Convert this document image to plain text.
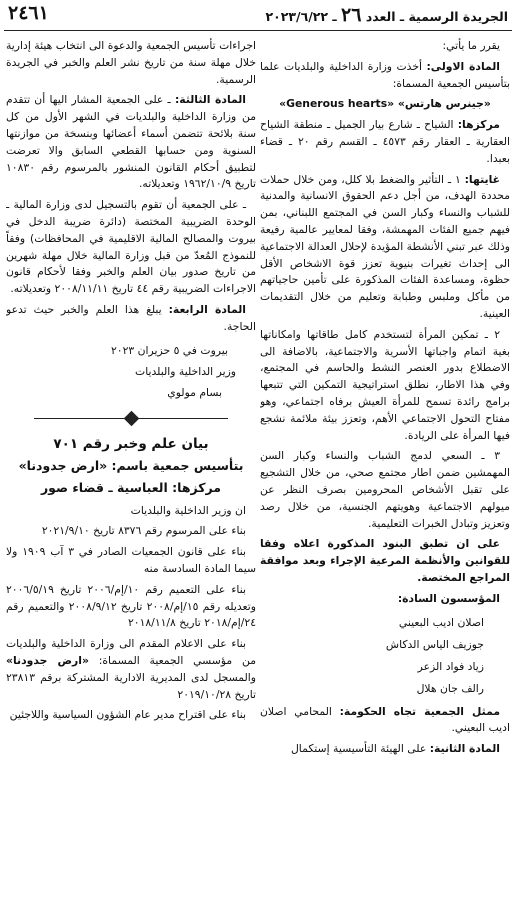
٢٤٦١	الجريدة الرسمية ـ العدد ٢٦ ـ ٢٠٢٣/٦/٢٢

يقرر ما يأتي:

المادة الاولى: أخذت وزارة الداخلية والبلديات علما بتأسيس الجمعية المسماة:

«جينرس هارتس» «Generous hearts»

مركزها: الشياح ـ شارع بيار الجميل ـ منطقة الشياح العقارية ـ العقار رقم ٤٥٧٣ ـ القسم رقم ٢٠ ـ قضاء بعبدا.

غايتها: ١ ـ التأثير والضغط بلا كلل، ومن خلال حملات محددة الهدف، من أجل دعم الحقوق الانسانية والمدنية للشباب والنساء وكبار السن في المجتمع اللبناني، بمن فيهم جميع الفئات المهمشة، وفقا لمعايير عالمية رفيعة وذلك عبر تبني الأنشطة المؤيدة لإحلال العدالة الاجتماعية الى إحداث تغيرات بنيوية تعزز قوة الاشخاص الأقل حظوة، ومساعدة الفئات المذكورة على تأمين حاجياتهم من مأكل وملبس وطبابة وتعليم من خلال التقديمات العينية.

٢ ـ تمكين المرأة لتستخدم كامل طاقاتها وامكاناتها بغية اتمام واجباتها الأسرية والاجتماعية، بالاضافة الى الاضطلاع بدور العنصر النشط والحاسم في المجتمع، وفي هذا الاطار، نطلق استراتيجية التمكين التي تتبعها برامج رائدة تسمح للمرأة العيش برفاه اجتماعي، وهو مفتاح التحول الاجتماعي الأهم، وتعزز بيئة ملائمة نشجع فيها المرأة على الريادة.

٣ ـ السعي لدمج الشباب والنساء وكبار السن المهمشين ضمن اطار مجتمع صحي، من خلال التشجيع على تقبل الأشخاص المحرومين بصرف النظر عن ميولهم الاجتماعية وهويتهم الجنسية، من خلال رصد وتعزيز وتبادل الخبرات التعليمية.

على ان تطبق البنود المذكورة اعلاه وفقا للقوانين والأنظمة المرعية الإجراء وبعد موافقة المراجع المختصة.

المؤسسون السادة:

اصلان اديب البعيني
جوزيف الياس الدكاش
زياد فواد الزعر
رالف جان هلال

ممثل الجمعية تجاه الحكومة: المحامي اصلان اديب البعيني.

المادة الثانية: على الهيئة التأسيسية إستكمال

اجراءات تأسيس الجمعية والدعوة الى انتخاب هيئة إدارية خلال مهلة سنة من تاريخ نشر العلم والخبر في الجريدة الرسمية.

المادة الثالثة: ـ على الجمعية المشار اليها أن تتقدم من وزارة الداخلية والبلديات في الشهر الأول من كل سنة بلائحة تتضمن أسماء أعضائها وبنسخة من موازنتها السنوية ومن حسابها القطعي السابق والا تعرضت لتطبيق أحكام القانون المنشور بالمرسوم رقم ١٠٨٣٠ تاريخ ١٩٦٢/١٠/٩ وتعديلاته.

ـ على الجمعية أن تقوم بالتسجيل لدى وزارة المالية ـ الوحدة الضريبية المختصة (دائرة ضريبة الدخل في بيروت والمصالح المالية الاقليمية في المحافظات) وفقاً للنموذج المُعدّ من قبل وزارة المالية خلال مهلة شهرين من تاريخ صدور بيان العلم والخبر وفقا لأحكام قانون الاجراءات الضريبية رقم ٤٤ تاريخ ٢٠٠٨/١١/١١ وتعديلاته.

المادة الرابعة: يبلغ هذا العلم والخبر حيث تدعو الحاجة.

بيروت في ٥ حزيران ٢٠٢٣

وزير الداخلية والبلديات

بسام مولوي

بيان علم وخبر رقم ٧٠١
بتأسيس جمعية باسم: «ارض جدودنا»
مركزها: العباسية ـ قضاء صور

ان وزير الداخلية والبلديات

بناء على المرسوم رقم ٨٣٧٦ تاريخ ٢٠٢١/٩/١٠

بناء على قانون الجمعيات الصادر في ٣ آب ١٩٠٩ ولا سيما المادة السادسة منه

بناء على التعميم رقم ١٠/إم/٢٠٠٦ تاريخ ٢٠٠٦/٥/١٩ وتعديله رقم ١٥/إم/٢٠٠٨ تاريخ ٢٠٠٨/٩/١٢ والتعميم رقم ٢٤/إم/٢٠١٨ تاريخ ٢٠١٨/١١/٨

بناء على الاعلام المقدم الى وزارة الداخلية والبلديات من مؤسسي الجمعية المسماة: «ارض جدودنا» والمسجل لدى المديرية الادارية المشتركة برقم ٢٣٨١٣ تاريخ ٢٠١٩/١٠/٢٨

بناء على اقتراح مدير عام الشؤون السياسية واللاجئين
